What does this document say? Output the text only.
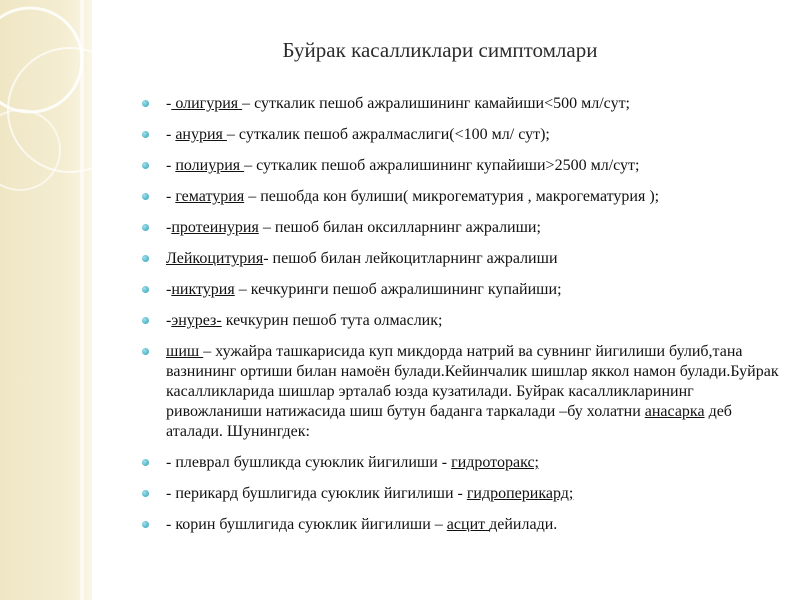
Буйрак касалликлари симптомлари
- олигурия – суткалик пешоб ажралишининг камайиши<500 мл/сут;
- анурия – суткалик пешоб ажралмаслиги(<100 мл/ сут);
- полиурия – суткалик пешоб ажралишининг купайиши>2500 мл/сут;
- гематурия – пешобда кон булиши( микрогематурия , макрогематурия );
-протеинурия – пешоб билан оксилларнинг ажралиши;
Лейкоцитурия- пешоб билан лейкоцитларнинг ажралиши
-никтурия – кечкуринги пешоб ажралишининг купайиши;
-энурез- кечкурин пешоб тута олмаслик;
шиш – хужайра ташкарисида куп микдорда натрий ва сувнинг йигилиши булиб,тана вазнининг ортиши билан намоён булади.Кейинчалик шишлар яккол намон булади.Буйрак касалликларида шишлар эрталаб юзда кузатилади. Буйрак касалликларининг ривожланиши натижасида шиш бутун баданга таркалади –бу холатни анасарка деб аталади. Шунингдек:
- плеврал бушликда суюклик йигилиши - гидроторакс;
- перикард бушлигида суюклик йигилиши - гидроперикард;
- корин бушлигида суюклик йигилиши – асцит дейилади.
